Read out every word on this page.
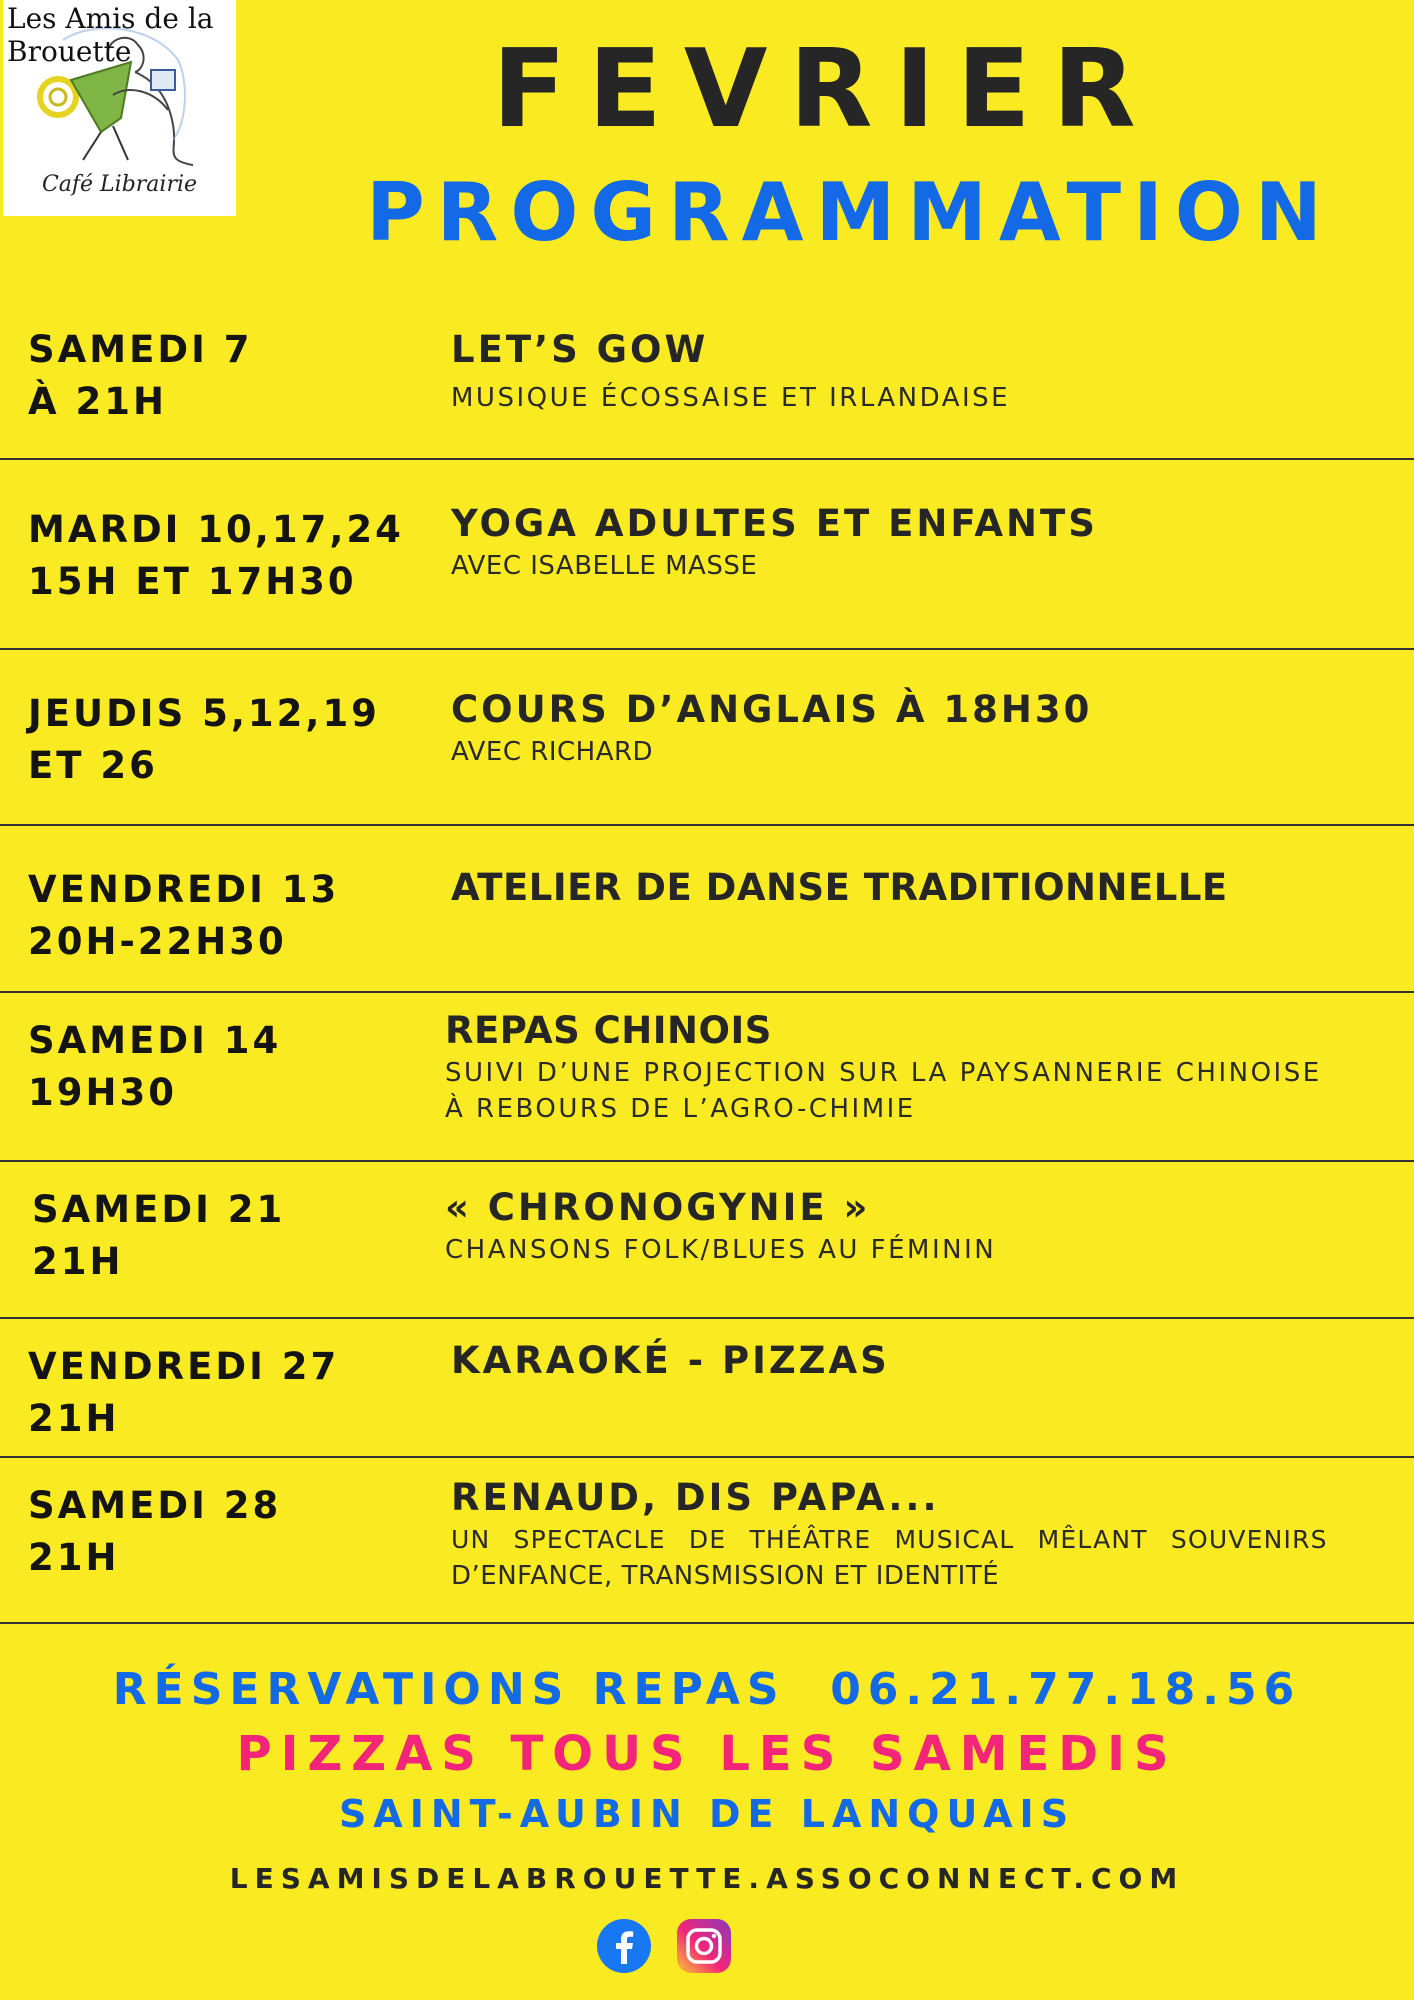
Les Amis de la Brouette
Café Librairie
FEVRIER
PROGRAMMATION
SAMEDI 7
À 21H
LET’S GOW
MUSIQUE ÉCOSSAISE ET IRLANDAISE
MARDI 10,17,24
15H ET 17H30
YOGA ADULTES ET ENFANTS
AVEC ISABELLE MASSE
JEUDIS 5,12,19
ET 26
COURS D’ANGLAIS À 18H30
AVEC RICHARD
VENDREDI 13
20H-22H30
ATELIER DE DANSE TRADITIONNELLE
SAMEDI 14
19H30
REPAS CHINOIS
SUIVI D’UNE PROJECTION SUR LA PAYSANNERIE CHINOISE
À REBOURS DE L’AGRO-CHIMIE
SAMEDI 21
21H
« CHRONOGYNIE »
CHANSONS FOLK/BLUES AU FÉMININ
VENDREDI 27
21H
KARAOKÉ - PIZZAS
SAMEDI 28
21H
RENAUD, DIS PAPA...
UN SPECTACLE DE THÉÂTRE MUSICAL MÊLANT SOUVENIRS
D’ENFANCE, TRANSMISSION ET IDENTITÉ
RÉSERVATIONS REPAS  06.21.77.18.56
PIZZAS TOUS LES SAMEDIS
SAINT-AUBIN DE LANQUAIS
LESAMISDELABROUETTE.ASSOCONNECT.COM
